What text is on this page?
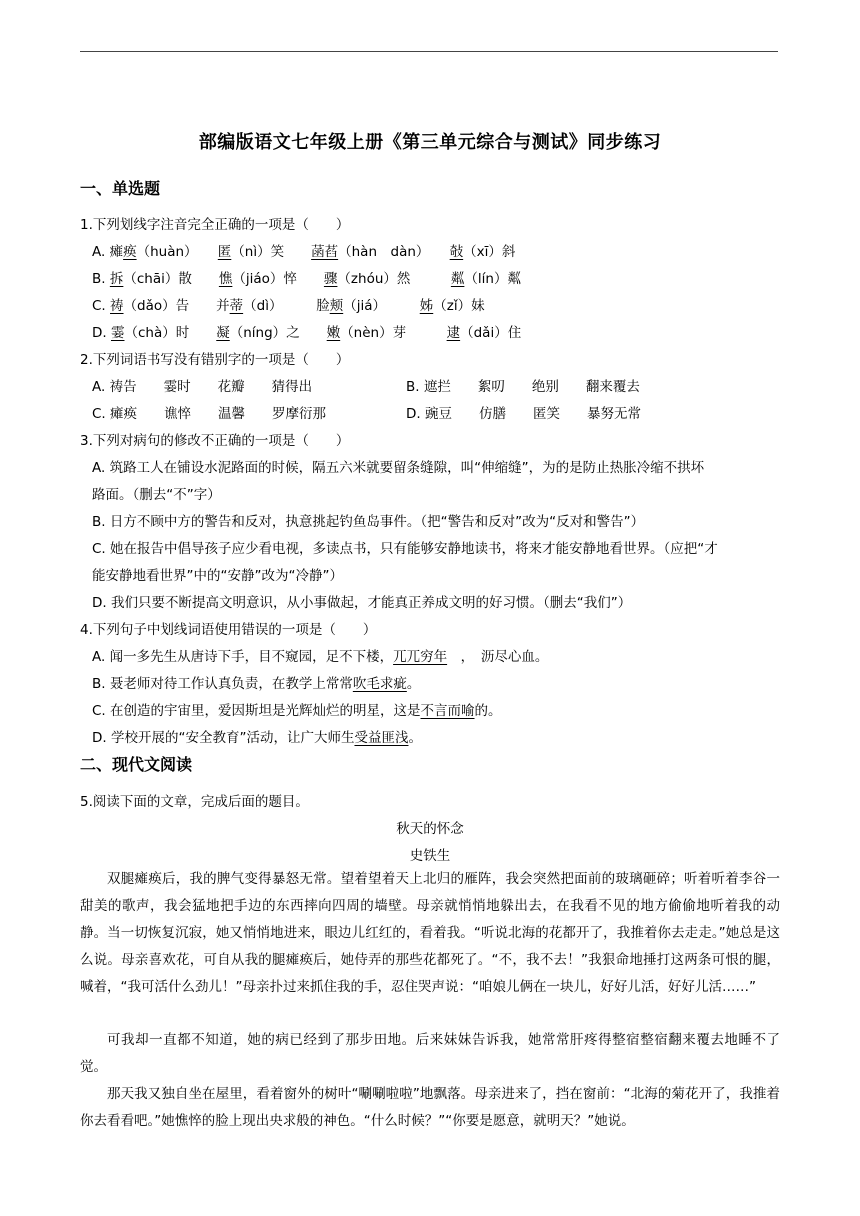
部编版语文七年级上册《第三单元综合与测试》同步练习
一、单选题
1.下列划线字注音完全正确的一项是（　　）
A. 瘫痪（huàn）　　 匿（nì）笑　　 菡萏（hàn　dàn）　　 敧（xī）斜
B. 拆（chāi）散　　 憔（jiáo）悴　　 骤（zhóu）然　　　	粼（lín）粼
C. 祷（dǎo）告　　并蒂（dì）　　　脸颊（jiá）　　　	姊（zǐ）妹
D. 霎（chà）时　　 凝（níng）之　　 嫩（nèn）芽　　　	逮（dǎi）住
2.下列词语书写没有错别字的一项是（　　）
A. 祷告　　霎时　　花瓣　　猜得出	B. 遮拦　　絮叨　　绝别　　翻来覆去
C. 瘫痪　　谯悴　　温馨　　罗摩衍那	D. 豌豆　　仿膳　　匿笑　　暴努无常
3.下列对病句的修改不正确的一项是（　　）
A. 筑路工人在铺设水泥路面的时候，隔五六米就要留条缝隙，叫“伸缩缝”，为的是防止热胀冷缩不拱坏
路面。（删去“不”字）
B. 日方不顾中方的警告和反对，执意挑起钓鱼岛事件。（把“警告和反对”改为“反对和警告”）
C. 她在报告中倡导孩子应少看电视，多读点书，只有能够安静地读书，将来才能安静地看世界。（应把“才
能安静地看世界”中的“安静”改为“冷静”）
D. 我们只要不断提高文明意识，从小事做起，才能真正养成文明的好习惯。（删去“我们”）
4.下列句子中划线词语使用错误的一项是（　　）
A. 闻一多先生从唐诗下手，目不窥园，足不下楼，兀兀穷年　，　沥尽心血。
B. 聂老师对待工作认真负责，在教学上常常吹毛求疵。
C. 在创造的宇宙里，爱因斯坦是光辉灿烂的明星，这是不言而喻的。
D. 学校开展的“安全教育”活动，让广大师生受益匪浅。
二、现代文阅读
5.阅读下面的文章，完成后面的题目。
秋天的怀念
史铁生
双腿瘫痪后，我的脾气变得暴怒无常。望着望着天上北归的雁阵，我会突然把面前的玻璃砸碎；听着听着李谷一甜美的歌声，我会猛地把手边的东西摔向四周的墙壁。母亲就悄悄地躲出去，在我看不见的地方偷偷地听着我的动静。当一切恢复沉寂，她又悄悄地进来，眼边儿红红的，看着我。“听说北海的花都开了，我推着你去走走。”她总是这么说。母亲喜欢花，可自从我的腿瘫痪后，她侍弄的那些花都死了。“不，我不去！”我狠命地捶打这两条可恨的腿，喊着，“我可活什么劲儿！”母亲扑过来抓住我的手，忍住哭声说：“咱娘儿俩在一块儿，好好儿活，好好儿活……”
可我却一直都不知道，她的病已经到了那步田地。后来妹妹告诉我，她常常肝疼得整宿整宿翻来覆去地睡不了觉。
那天我又独自坐在屋里，看着窗外的树叶“唰唰啦啦”地飘落。母亲进来了，挡在窗前：“北海的菊花开了，我推着你去看看吧。”她憔悴的脸上现出央求般的神色。“什么时候？”“你要是愿意，就明天？”她说。
